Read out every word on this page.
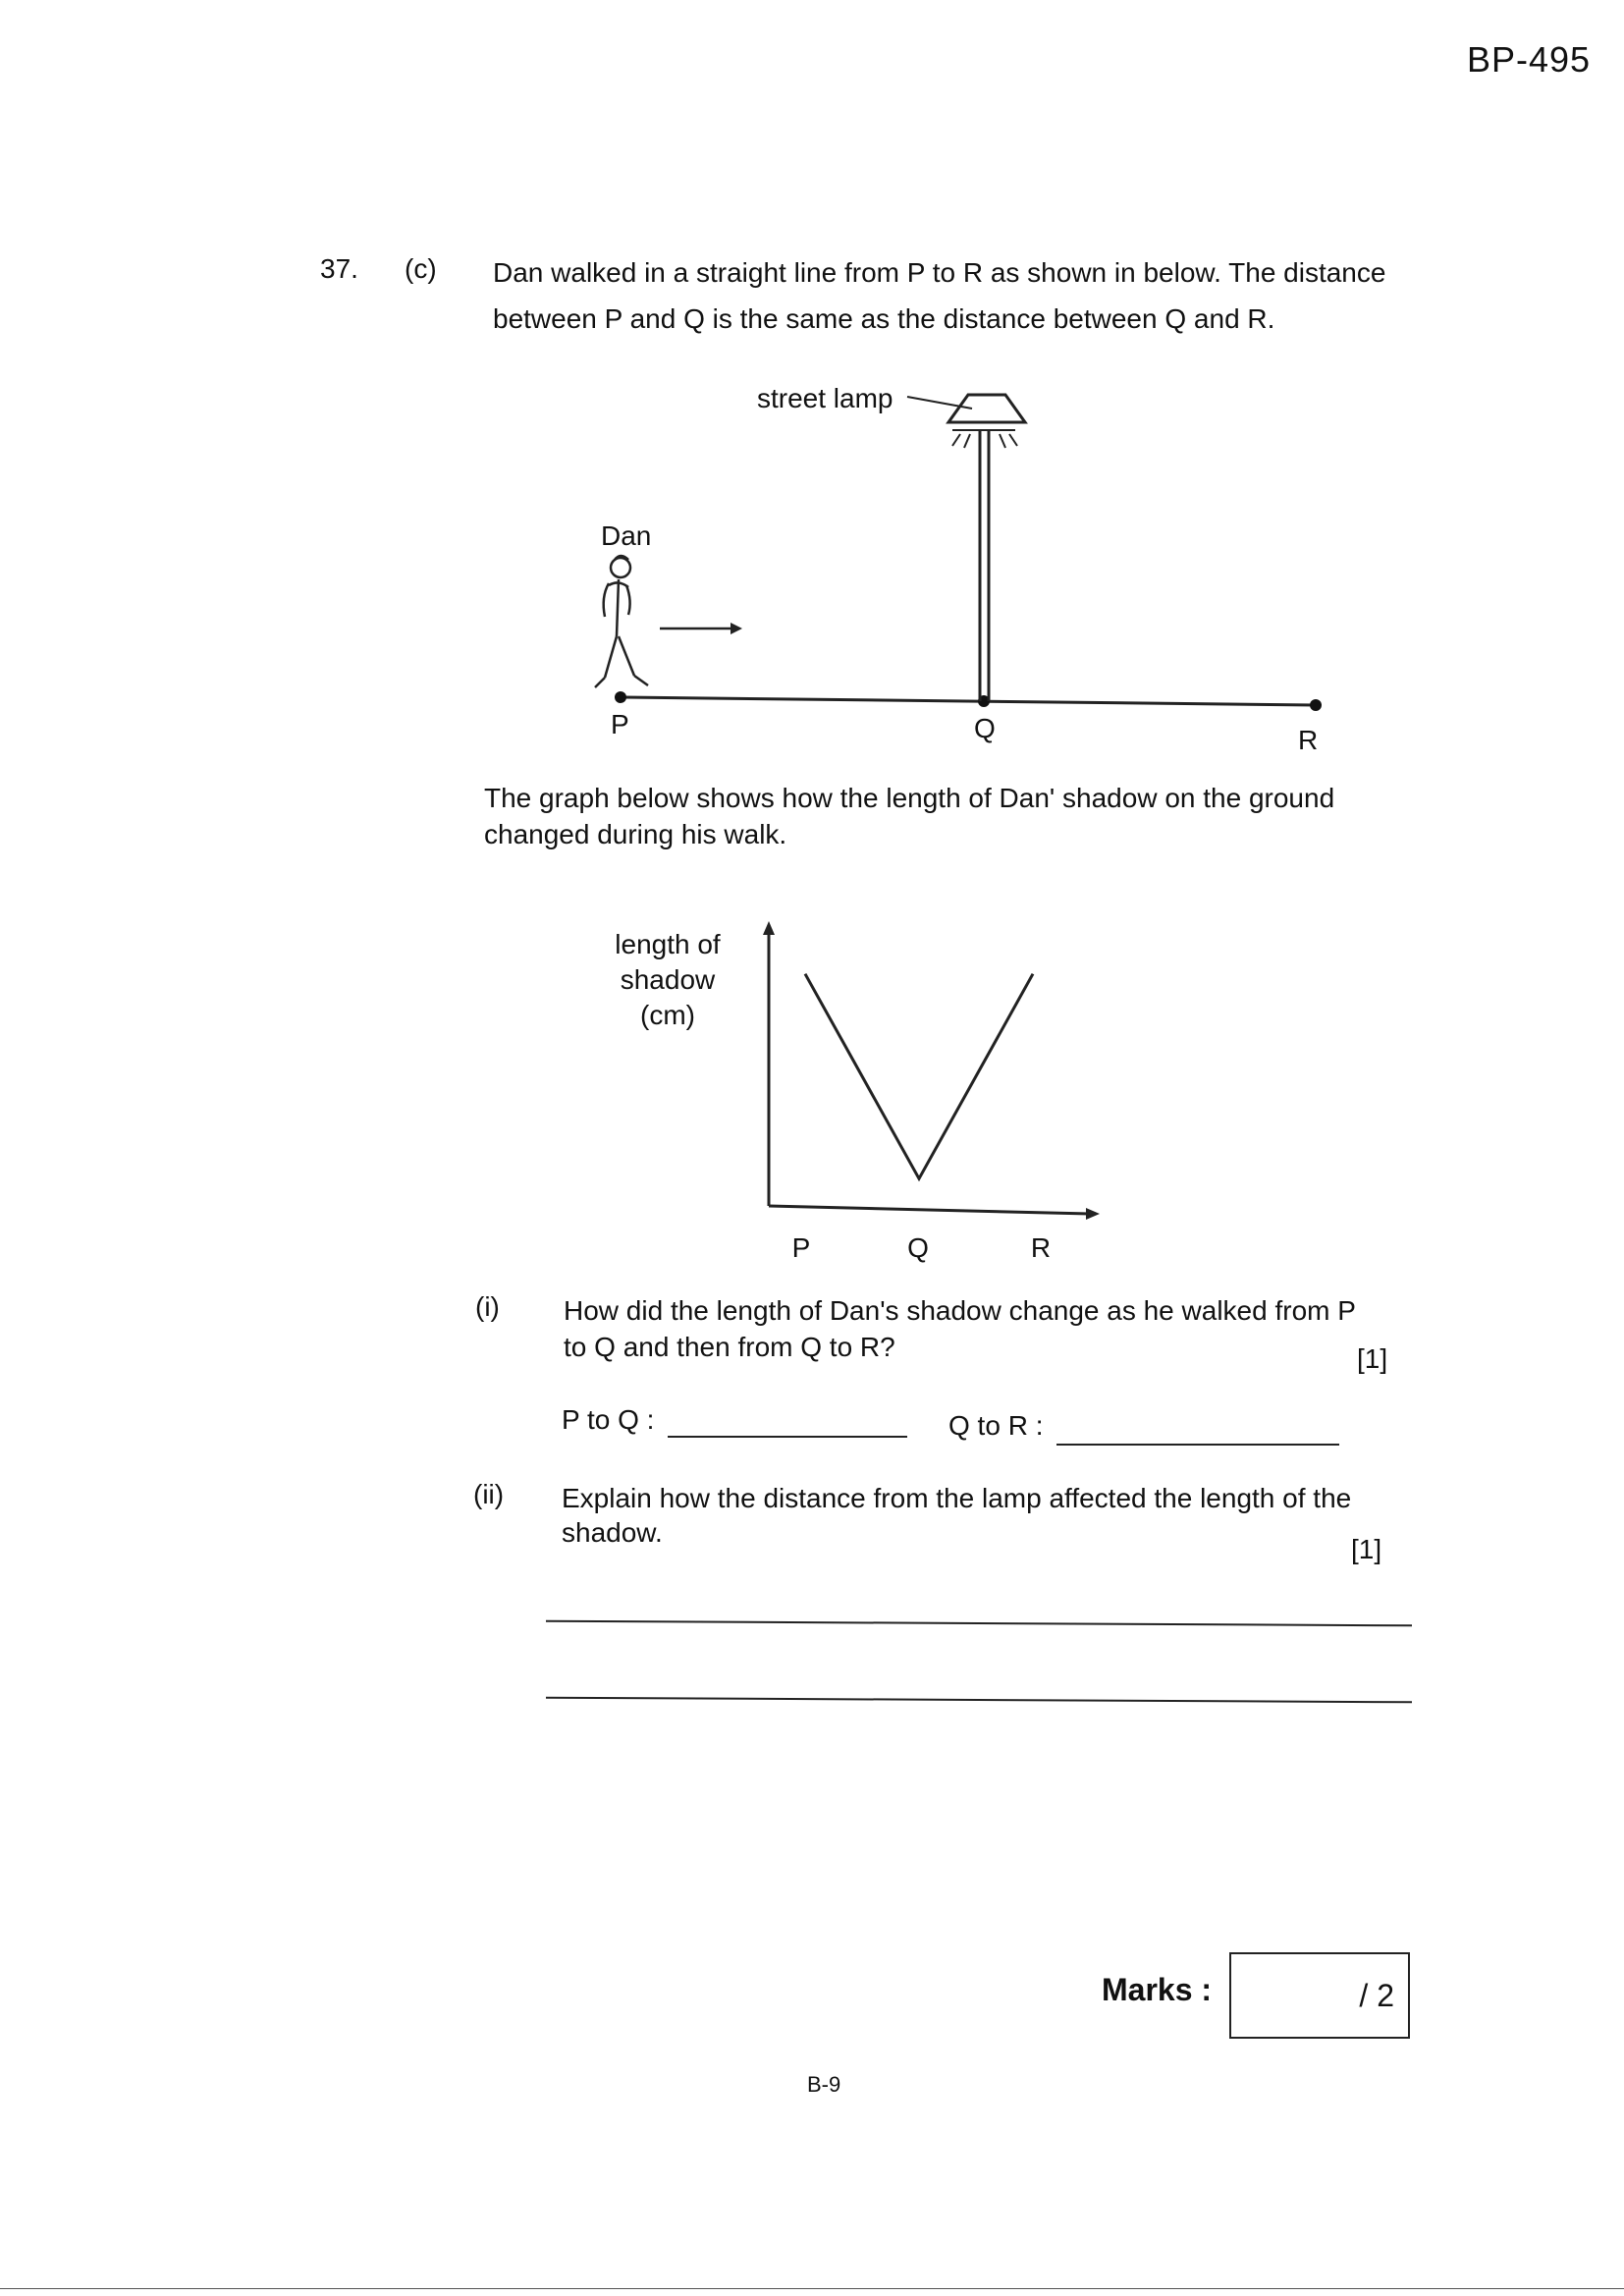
BP-495
37. (c) Dan walked in a straight line from P to R as shown in below. The distance
between P and Q is the same as the distance between Q and R.
street lamp
Dan
P	Q	R
The graph below shows how the length of Dan' shadow on the ground
changed during his walk.
length of
shadow
(cm)
P	Q	R
(i) How did the length of Dan's shadow change as he walked from P
to Q and then from Q to R?	[1]
P to Q :	Q to R :
(ii) Explain how the distance from the lamp affected the length of the
shadow.
[1]
Marks :	/ 2
B-9
